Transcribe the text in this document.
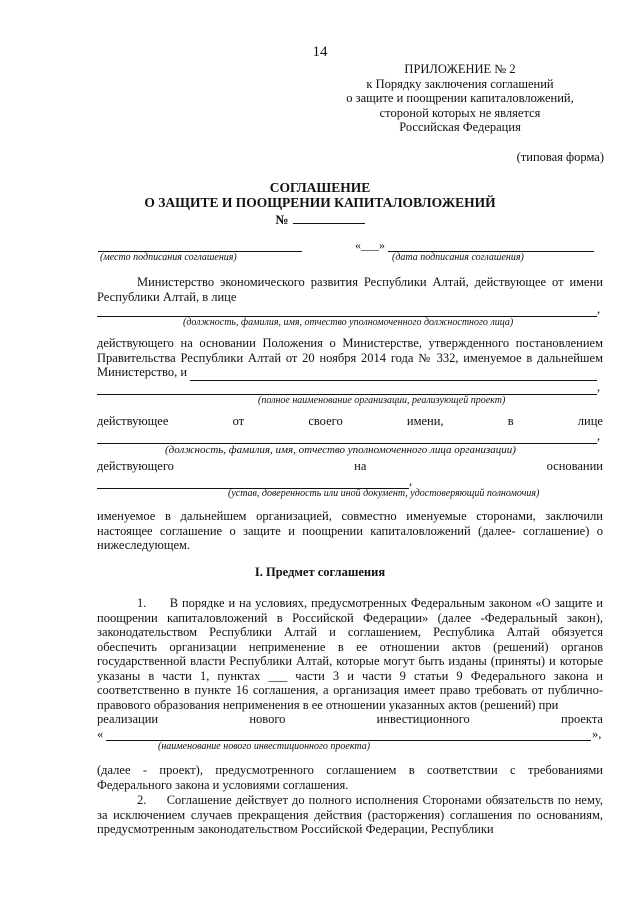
14
ПРИЛОЖЕНИЕ № 2
к Порядку заключения соглашений
о защите и поощрении капиталовложений,
стороной которых не является
Российская Федерация
(типовая форма)
СОГЛАШЕНИЕ
О ЗАЩИТЕ И ПООЩРЕНИИ КАПИТАЛОВЛОЖЕНИЙ
№
(место подписания соглашения)
«___»
(дата подписания соглашения)
Министерство экономического развития Республики Алтай, действующее от имени Республики Алтай, в лице
,
(должность, фамилия, имя, отчество уполномоченного должностного лица)
действующего на основании Положения о Министерстве, утвержденного постановлением Правительства Республики Алтай от 20 ноября 2014 года № 332, именуемое в дальнейшем Министерство, и
,
(полное наименование организации, реализующей проект)
действующее	от	своего	имени,	в	лице
,
(должность, фамилия, имя, отчество уполномоченного лица организации)
действующего	на	основании
,
(устав, доверенность или иной документ, удостоверяющий полномочия)
именуемое в дальнейшем организацией, совместно именуемые сторонами, заключили настоящее соглашение о защите и поощрении капиталовложений (далее- соглашение) о нижеследующем.
I. Предмет соглашения
1.      В порядке и на условиях, предусмотренных Федеральным законом «О защите и поощрении капиталовложений в Российской Федерации» (далее -Федеральный закон), законодательством Республики Алтай и соглашением, Республика Алтай обязуется обеспечить организации неприменение в ее отношении актов (решений) органов государственной власти Республики Алтай, которые могут быть изданы (приняты) и которые указаны в части 1, пунктах ___ части 3 и части 9 статьи 9 Федерального закона и соответственно в пункте 16 соглашения, а организация имеет право требовать от публично-правового образования неприменения в ее отношении указанных актов (решений) при
реализации	нового	инвестиционного	проекта
«	»,
(наименование нового инвестиционного проекта)
(далее - проект), предусмотренного соглашением в соответствии с требованиями Федерального закона и условиями соглашения.
2.     Соглашение действует до полного исполнения Сторонами обязательств по нему, за исключением случаев прекращения действия (расторжения) соглашения по основаниям, предусмотренным законодательством Российской Федерации, Республики
